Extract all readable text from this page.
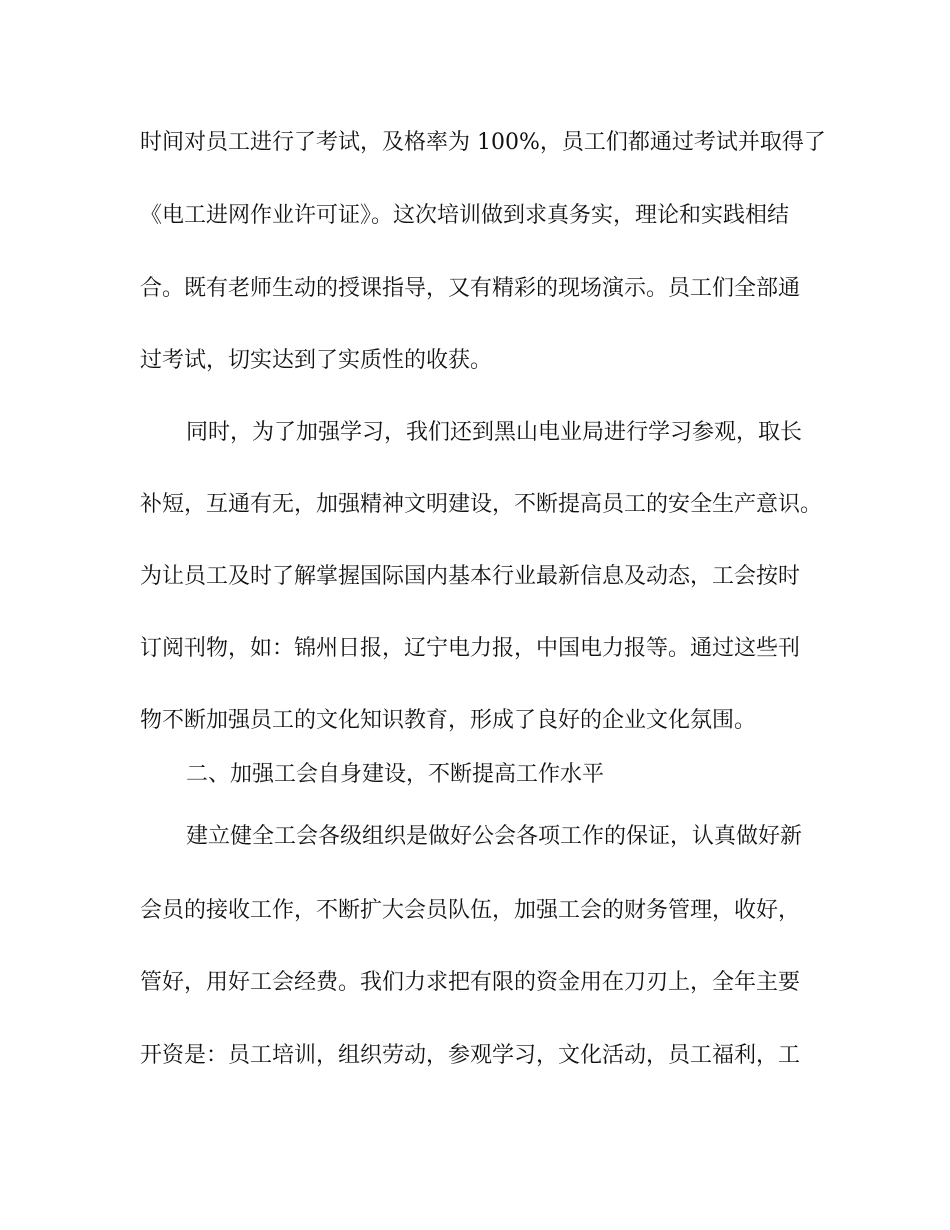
时间对员工进行了考试，及格率为 100%，员工们都通过考试并取得了
《电工进网作业许可证》。这次培训做到求真务实，理论和实践相结
合。既有老师生动的授课指导，又有精彩的现场演示。员工们全部通
过考试，切实达到了实质性的收获。
同时，为了加强学习，我们还到黑山电业局进行学习参观，取长
补短，互通有无，加强精神文明建设，不断提高员工的安全生产意识。
为让员工及时了解掌握国际国内基本行业最新信息及动态，工会按时
订阅刊物，如：锦州日报，辽宁电力报，中国电力报等。通过这些刊
物不断加强员工的文化知识教育，形成了良好的企业文化氛围。
二、加强工会自身建设，不断提高工作水平
建立健全工会各级组织是做好公会各项工作的保证，认真做好新
会员的接收工作，不断扩大会员队伍，加强工会的财务管理，收好，
管好，用好工会经费。我们力求把有限的资金用在刀刃上，全年主要
开资是：员工培训，组织劳动，参观学习，文化活动，员工福利，工
